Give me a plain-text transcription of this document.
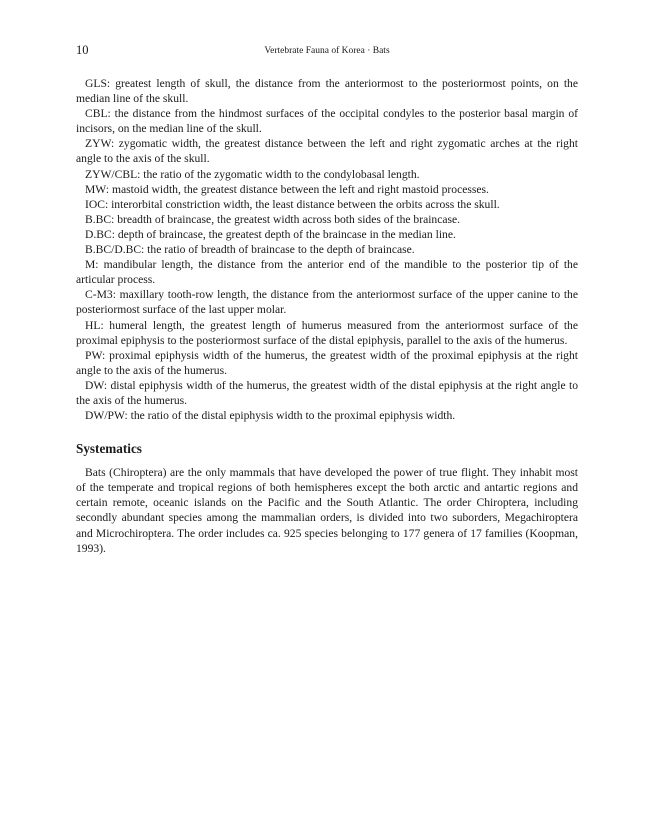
10	Vertebrate Fauna of Korea · Bats

GLS: greatest length of skull, the distance from the anteriormost to the posteriormost points, on the median line of the skull.

CBL: the distance from the hindmost surfaces of the occipital condyles to the posterior basal margin of incisors, on the median line of the skull.

ZYW: zygomatic width, the greatest distance between the left and right zygomatic arches at the right angle to the axis of the skull.

ZYW/CBL: the ratio of the zygomatic width to the condylobasal length.

MW: mastoid width, the greatest distance between the left and right mastoid processes.

IOC: interorbital constriction width, the least distance between the orbits across the skull.

B.BC: breadth of braincase, the greatest width across both sides of the braincase.

D.BC: depth of braincase, the greatest depth of the braincase in the median line.

B.BC/D.BC: the ratio of breadth of braincase to the depth of braincase.

M: mandibular length, the distance from the anterior end of the mandible to the posterior tip of the articular process.

C-M3: maxillary tooth-row length, the distance from the anteriormost surface of the upper canine to the posteriormost surface of the last upper molar.

HL: humeral length, the greatest length of humerus measured from the anteriormost surface of the proximal epiphysis to the posteriormost surface of the distal epiphysis, parallel to the axis of the humerus.

PW: proximal epiphysis width of the humerus, the greatest width of the proximal epiphysis at the right angle to the axis of the humerus.

DW: distal epiphysis width of the humerus, the greatest width of the distal epiphysis at the right angle to the axis of the humerus.

DW/PW: the ratio of the distal epiphysis width to the proximal epiphysis width.

Systematics

Bats (Chiroptera) are the only mammals that have developed the power of true flight. They inhabit most of the temperate and tropical regions of both hemispheres except the both arctic and antartic regions and certain remote, oceanic islands on the Pacific and the South Atlantic. The order Chiroptera, including secondly abundant species among the mammalian orders, is divided into two suborders, Megachiroptera and Microchiroptera. The order includes ca. 925 species belonging to 177 genera of 17 families (Koopman, 1993).
